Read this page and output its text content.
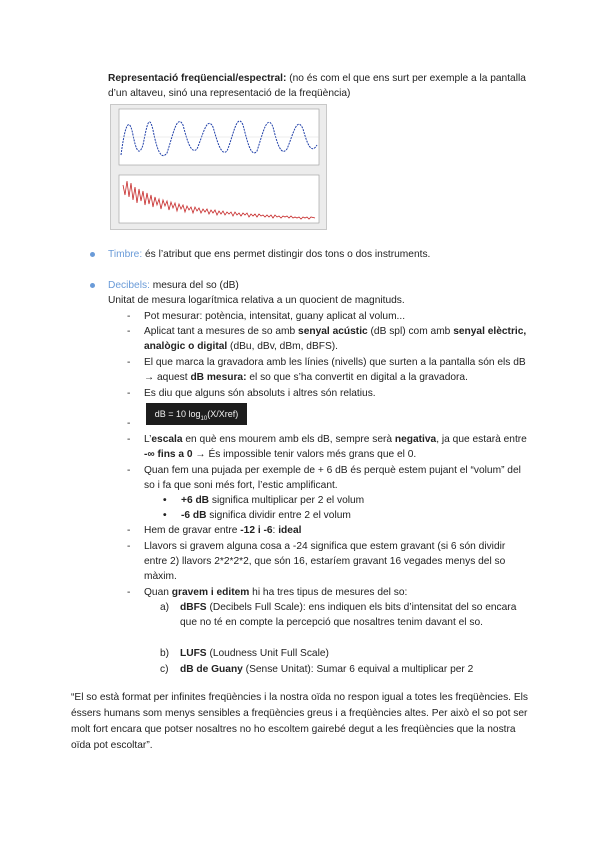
Representació freqüencial/espectral: (no és com el que ens surt per exemple a la pantalla d’un altaveu, sinó una representació de la freqüència)
Timbre: és l’atribut que ens permet distingir dos tons o dos instruments.
Decibels: mesura del so (dB)
Unitat de mesura logarítmica relativa a un quocient de magnituds.
- Pot mesurar: potència, intensitat, guany aplicat al volum...
- Aplicat tant a mesures de so amb senyal acústic (dB spl) com amb senyal elèctric, analògic o digital (dBu, dBv, dBm, dBFS).
- El que marca la gravadora amb les línies (nivells) que surten a la pantalla són els dB → aquest dB mesura: el so que s’ha convertit en digital a la gravadora.
- Es diu que alguns són absoluts i altres són relatius.
-
dB = 10 $\log_{10}(X/Xref)$
- L’escala en què ens mourem amb els dB, sempre serà negativa, ja que estarà entre -∞ fins a 0 → És impossible tenir valors més grans que el 0.
- Quan fem una pujada per exemple de + 6 dB és perquè estem pujant el “volum” del so i fa que soni més fort, l’estic amplificant.
• +6 dB significa multiplicar per 2 el volum
• -6 dB significa dividir entre 2 el volum
- Hem de gravar entre -12 i -6: ideal
- Llavors si gravem alguna cosa a -24 significa que estem gravant (si 6 són dividir entre 2) llavors 2*2*2*2, que són 16, estaríem gravant 16 vegades menys del so màxim.
- Quan gravem i editem hi ha tres tipus de mesures del so:
a) dBFS (Decibels Full Scale): ens indiquen els bits d’intensitat del so encara que no té en compte la percepció que nosaltres tenim davant el so.
b) LUFS (Loudness Unit Full Scale)
c) dB de Guany (Sense Unitat): Sumar 6 equival a multiplicar per 2
“El so està format per infinites freqüències i la nostra oïda no respon igual a totes les freqüències. Els éssers humans som menys sensibles a freqüències greus i a freqüències altes. Per això el so pot ser molt fort encara que potser nosaltres no ho escoltem gairebé degut a les freqüències que la nostra oïda pot escoltar”.
